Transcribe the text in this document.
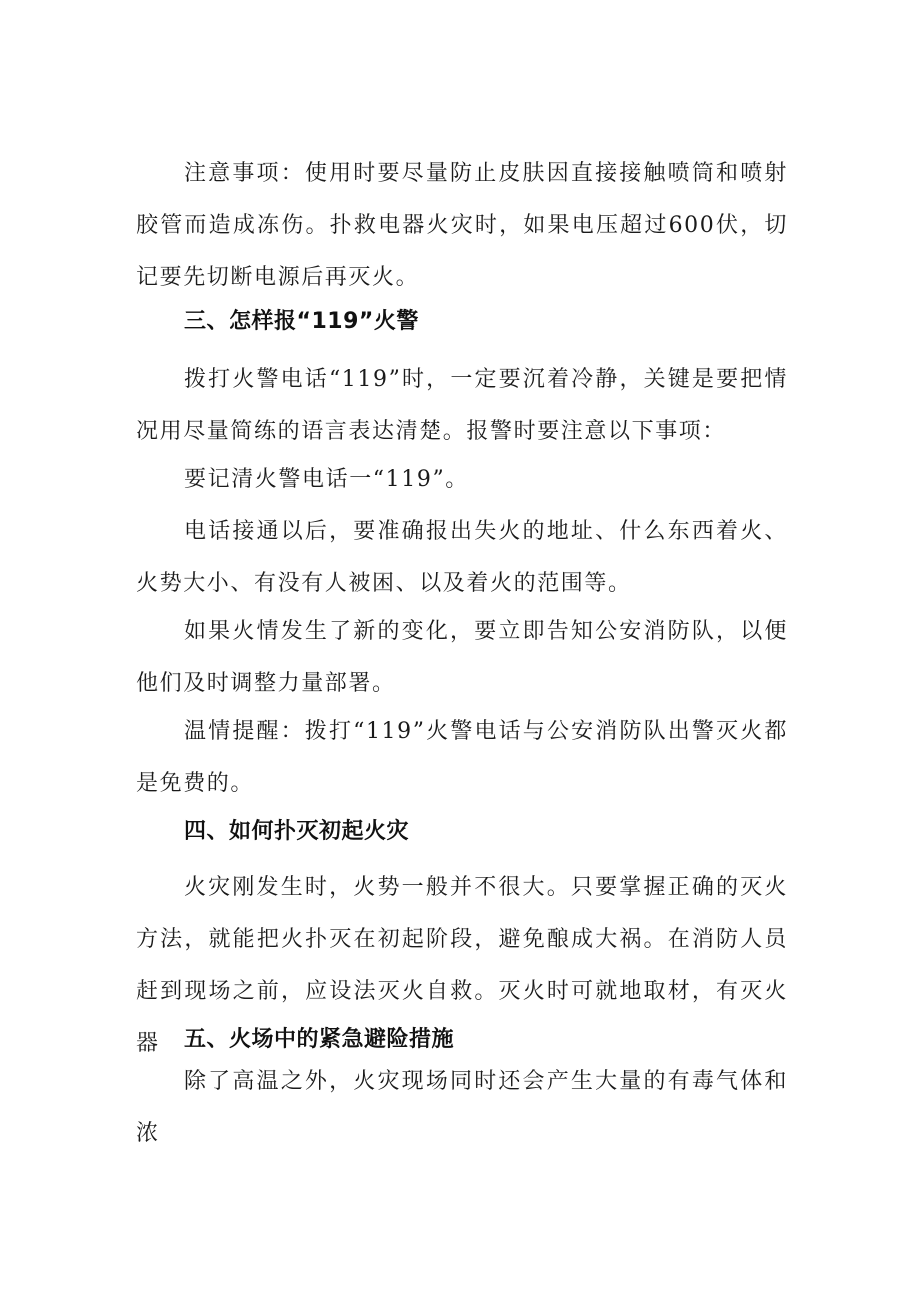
注意事项：使用时要尽量防止皮肤因直接接触喷筒和喷射胶管而造成冻伤。扑救电器火灾时，如果电压超过600伏，切记要先切断电源后再灭火。

三、怎样报“119”火警

拨打火警电话“119”时，一定要沉着冷静，关键是要把情况用尽量简练的语言表达清楚。报警时要注意以下事项：

要记清火警电话一“119”。

电话接通以后，要准确报出失火的地址、什么东西着火、火势大小、有没有人被困、以及着火的范围等。

如果火情发生了新的变化，要立即告知公安消防队，以便他们及时调整力量部署。

温情提醒：拨打“119”火警电话与公安消防队出警灭火都是免费的。

四、如何扑灭初起火灾

火灾刚发生时，火势一般并不很大。只要掌握正确的灭火方法，就能把火扑灭在初起阶段，避免酿成大祸。在消防人员赶到现场之前，应设法灭火自救。灭火时可就地取材，有灭火器	五、火场中的紧急避险措施

除了高温之外，火灾现场同时还会产生大量的有毒气体和浓
